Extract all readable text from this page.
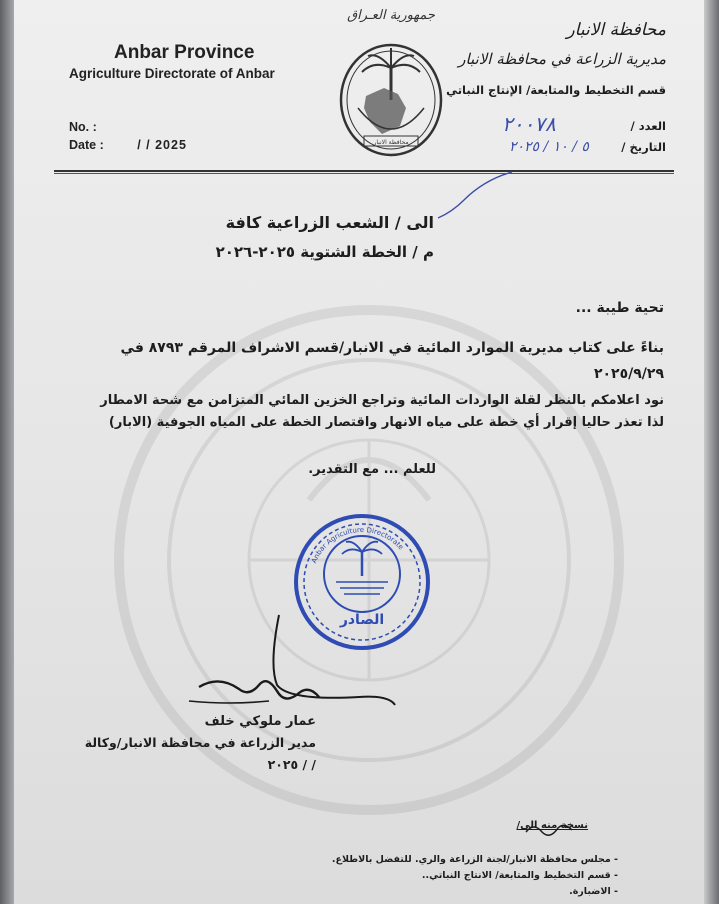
Anbar Province
Agriculture Directorate of Anbar
No. :
Date :	/ / 2025
جمهورية العـراق
محافظة الانبار
محافظة الانبار
مديرية الزراعة في محافظة الانبار
قسم التخطيط والمتابعة/ الإنتاج النباتي
العدد /
التاريخ /
٢٠٠٧٨
٥ / ١٠ / ٢٠٢٥
الى / الشعب الزراعية كافة
م / الخطة الشتوية ٢٠٢٥-٢٠٢٦
تحية طيبة ...
بناءً على كتاب مديرية الموارد المائية في الانبار/قسم الاشراف المرقم ٨٧٩٣ في
٢٠٢٥/٩/٢٩
نود اعلامكم بالنظر لقلة الواردات المائية وتراجع الخزين المائي المتزامن مع شحة الامطار
لذا تعذر حاليا إقرار أي خطة على مياه الانهار واقتصار الخطة على المياه الجوفية (الابار)
للعلم ... مع التقدير.
الصادر
Anbar Agriculture Directorate
عمار ملوكي خلف
مدير الزراعة في محافظة الانبار/وكالة
/ / ٢٠٢٥
نسخة منه الى/
- مجلس محافظة الانبار/لجنة الزراعة والري. للتفضل بالاطلاع.
- قسم التخطيط والمتابعة/ الانتاج النباتي..
- الاضبارة.
